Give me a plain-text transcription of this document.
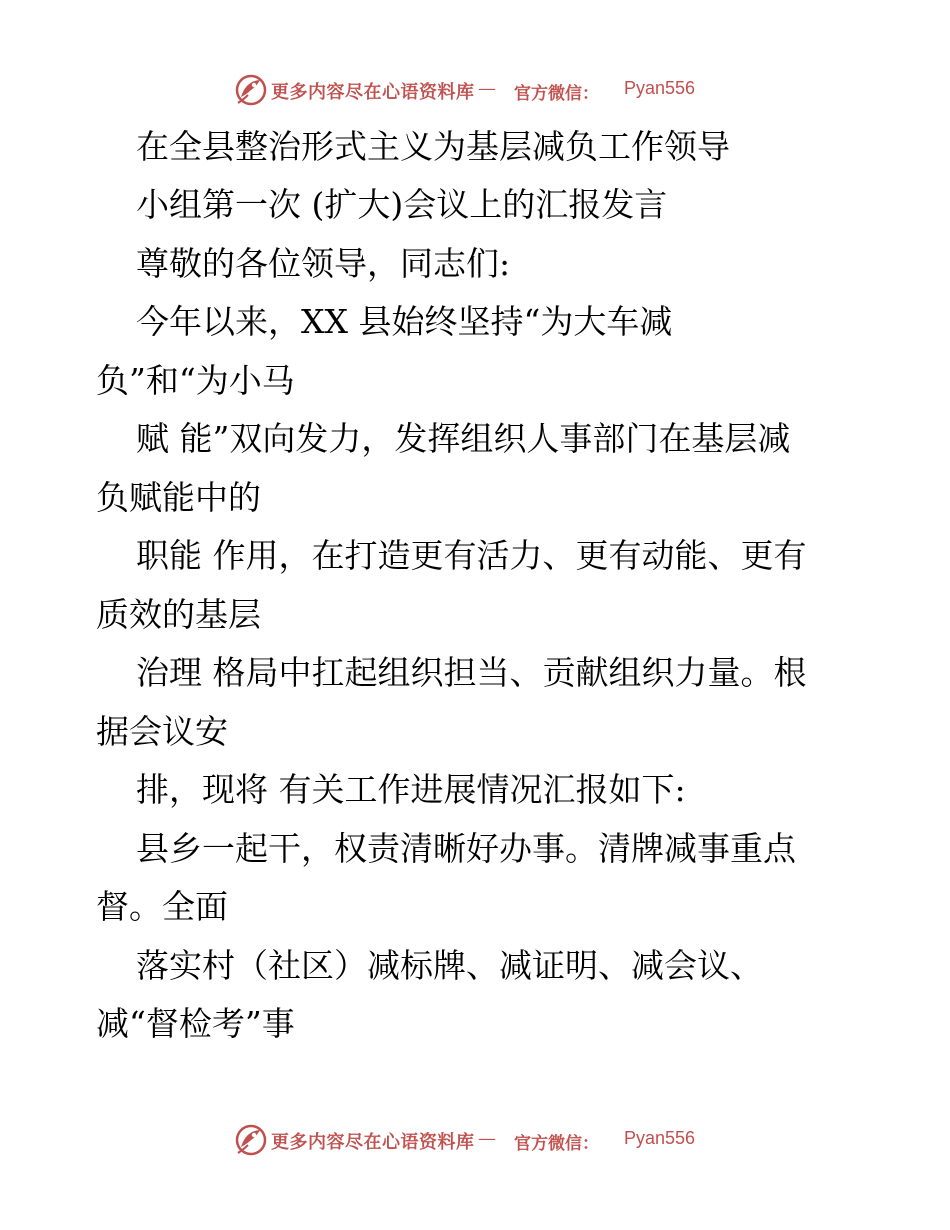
更多内容尽在心语资料库 — 官方微信： Pyan556
在全县整治形式主义为基层减负工作领导
小组第一次 (扩大)会议上的汇报发言
尊敬的各位领导，同志们:
今年以来，XX 县始终坚持“为大车减
负”和“为小马
赋 能”双向发力，发挥组织人事部门在基层减
负赋能中的
职能 作用，在打造更有活力、更有动能、更有
质效的基层
治理 格局中扛起组织担当、贡献组织力量。根
据会议安
排，现将 有关工作进展情况汇报如下:
县乡一起干，权责清晰好办事。清牌减事重点
督。全面
落实村（社区）减标牌、减证明、减会议、
减“督检考”事
更多内容尽在心语资料库 — 官方微信： Pyan556
